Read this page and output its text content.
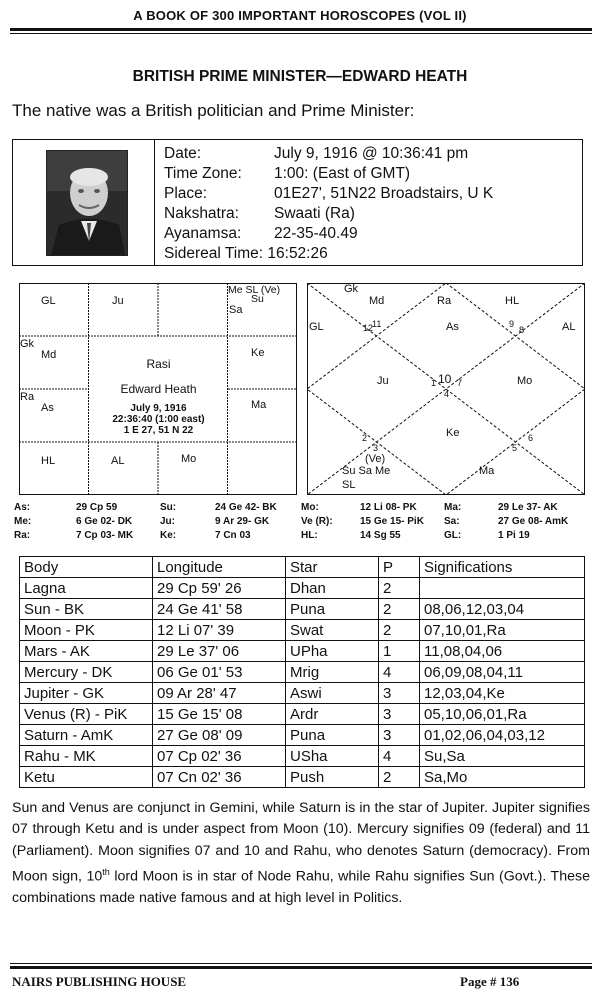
A BOOK OF 300 IMPORTANT HOROSCOPES (VOL II)
BRITISH PRIME MINISTER—EDWARD HEATH
The native was a British politician and Prime Minister:
Date:	July 9, 1916 @ 10:36:41 pm
Time Zone: 1:00: (East of GMT)
Place:	01E27', 51N22 Broadstairs, U K
Nakshatra: Swaati (Ra)
Ayanamsa: 22-35-40.49
Sidereal Time: 16:52:26
GL	Ju
Me SL (Ve)
Su
Sa
Gk
Md	Ke
Ra
As	Ma
HL	AL	Mo
Rasi
Edward Heath
July 9, 1916
22:36:40 (1:00 east)
1 E 27, 51 N 22
Gk
Md	Ra	HL
GL	AL
As
12
11	9
8
Ju	Mo
1 10 7
4
Ke
2
3	5
6
(Ve)
Su Sa Me
SL
Ma
As:	29 Cp 59	Su:	24 Ge 42- BK Mo:	12 Li 08- PK	Ma:	29 Le 37- AK
Me:	6 Ge 02- DK	Ju:	9 Ar 29- GK	Ve (R):	15 Ge 15- PiK Sa:	27 Ge 08- AmK
Ra:	7 Cp 03- MK	Ke:	7 Cn 03	HL:	14 Sg 55	GL:	1 Pi 19
Body	Longitude	Star	P	Significations
Lagna	29 Cp 59' 26	Dhan	2	
Sun - BK	24 Ge 41' 58	Puna	2	08,06,12,03,04
Moon - PK	12 Li 07' 39	Swat	2	07,10,01,Ra
Mars - AK	29 Le 37' 06	UPha	1	11,08,04,06
Mercury - DK	06 Ge 01' 53	Mrig	4	06,09,08,04,11
Jupiter - GK	09 Ar 28' 47	Aswi	3	12,03,04,Ke
Venus (R) - PiK	15 Ge 15' 08	Ardr	3	05,10,06,01,Ra
Saturn - AmK	27 Ge 08' 09	Puna	3	01,02,06,04,03,12
Rahu - MK	07 Cp 02' 36	USha	4	Su,Sa
Ketu	07 Cn 02' 36	Push	2	Sa,Mo
Sun and Venus are conjunct in Gemini, while Saturn is in the star of Jupiter. Jupiter signifies 07 through Ketu and is under aspect from Moon (10). Mercury signifies 09 (federal) and 11 (Parliament). Moon signifies 07 and 10 and Rahu, who denotes Saturn (democracy). From Moon sign, 10th lord Moon is in star of Node Rahu, while Rahu signifies Sun (Govt.). These combinations made native famous and at high level in Politics.
NAIRS PUBLISHING HOUSE	Page # 136
